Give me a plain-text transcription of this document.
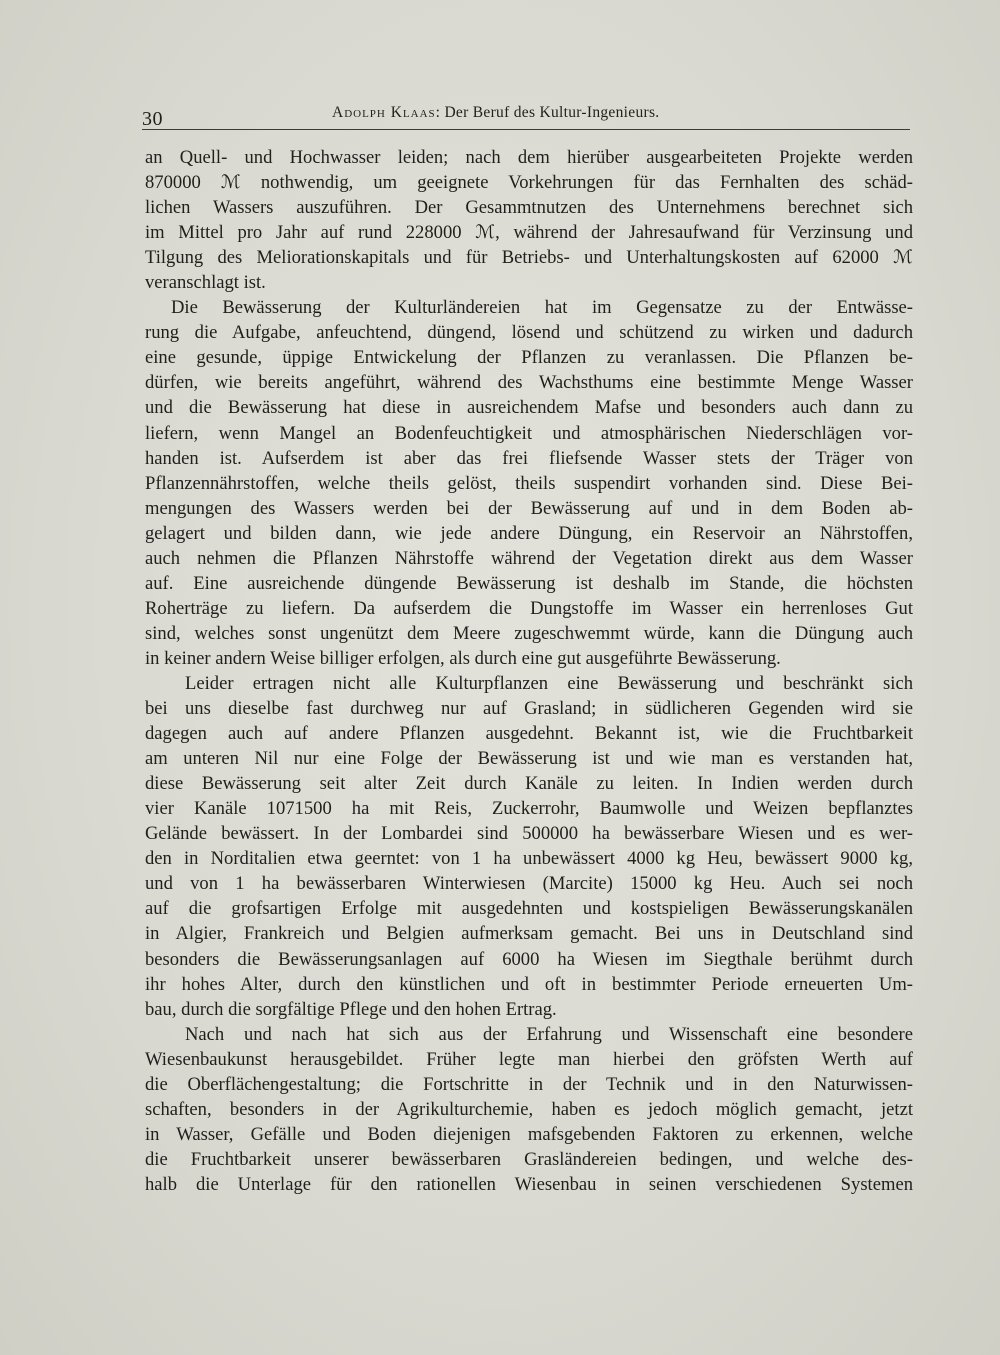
30	Adolph Klaas: Der Beruf des Kultur-Ingenieurs.
an Quell- und Hochwasser leiden; nach dem hierüber ausgearbeiteten Projekte werden
870000 ℳ nothwendig, um geeignete Vorkehrungen für das Fernhalten des schäd-
lichen Wassers auszuführen. Der Gesammtnutzen des Unternehmens berechnet sich
im Mittel pro Jahr auf rund 228000 ℳ, während der Jahresaufwand für Verzinsung und
Tilgung des Meliorationskapitals und für Betriebs- und Unterhaltungskosten auf 62000 ℳ
veranschlagt ist.
Die Bewässerung der Kulturländereien hat im Gegensatze zu der Entwässe-
rung die Aufgabe, anfeuchtend, düngend, lösend und schützend zu wirken und dadurch
eine gesunde, üppige Entwickelung der Pflanzen zu veranlassen. Die Pflanzen be-
dürfen, wie bereits angeführt, während des Wachsthums eine bestimmte Menge Wasser
und die Bewässerung hat diese in ausreichendem Mafse und besonders auch dann zu
liefern, wenn Mangel an Bodenfeuchtigkeit und atmosphärischen Niederschlägen vor-
handen ist. Aufserdem ist aber das frei fliefsende Wasser stets der Träger von
Pflanzennährstoffen, welche theils gelöst, theils suspendirt vorhanden sind. Diese Bei-
mengungen des Wassers werden bei der Bewässerung auf und in dem Boden ab-
gelagert und bilden dann, wie jede andere Düngung, ein Reservoir an Nährstoffen,
auch nehmen die Pflanzen Nährstoffe während der Vegetation direkt aus dem Wasser
auf. Eine ausreichende düngende Bewässerung ist deshalb im Stande, die höchsten
Roherträge zu liefern. Da aufserdem die Dungstoffe im Wasser ein herrenloses Gut
sind, welches sonst ungenützt dem Meere zugeschwemmt würde, kann die Düngung auch
in keiner andern Weise billiger erfolgen, als durch eine gut ausgeführte Bewässerung.
Leider ertragen nicht alle Kulturpflanzen eine Bewässerung und beschränkt sich
bei uns dieselbe fast durchweg nur auf Grasland; in südlicheren Gegenden wird sie
dagegen auch auf andere Pflanzen ausgedehnt. Bekannt ist, wie die Fruchtbarkeit
am unteren Nil nur eine Folge der Bewässerung ist und wie man es verstanden hat,
diese Bewässerung seit alter Zeit durch Kanäle zu leiten. In Indien werden durch
vier Kanäle 1071500 ha mit Reis, Zuckerrohr, Baumwolle und Weizen bepflanztes
Gelände bewässert. In der Lombardei sind 500000 ha bewässerbare Wiesen und es wer-
den in Norditalien etwa geerntet: von 1 ha unbewässert 4000 kg Heu, bewässert 9000 kg,
und von 1 ha bewässerbaren Winterwiesen (Marcite) 15000 kg Heu. Auch sei noch
auf die grofsartigen Erfolge mit ausgedehnten und kostspieligen Bewässerungskanälen
in Algier, Frankreich und Belgien aufmerksam gemacht. Bei uns in Deutschland sind
besonders die Bewässerungsanlagen auf 6000 ha Wiesen im Siegthale berühmt durch
ihr hohes Alter, durch den künstlichen und oft in bestimmter Periode erneuerten Um-
bau, durch die sorgfältige Pflege und den hohen Ertrag.
Nach und nach hat sich aus der Erfahrung und Wissenschaft eine besondere
Wiesenbaukunst herausgebildet. Früher legte man hierbei den gröfsten Werth auf
die Oberflächengestaltung; die Fortschritte in der Technik und in den Naturwissen-
schaften, besonders in der Agrikulturchemie, haben es jedoch möglich gemacht, jetzt
in Wasser, Gefälle und Boden diejenigen mafsgebenden Faktoren zu erkennen, welche
die Fruchtbarkeit unserer bewässerbaren Grasländereien bedingen, und welche des-
halb die Unterlage für den rationellen Wiesenbau in seinen verschiedenen Systemen
